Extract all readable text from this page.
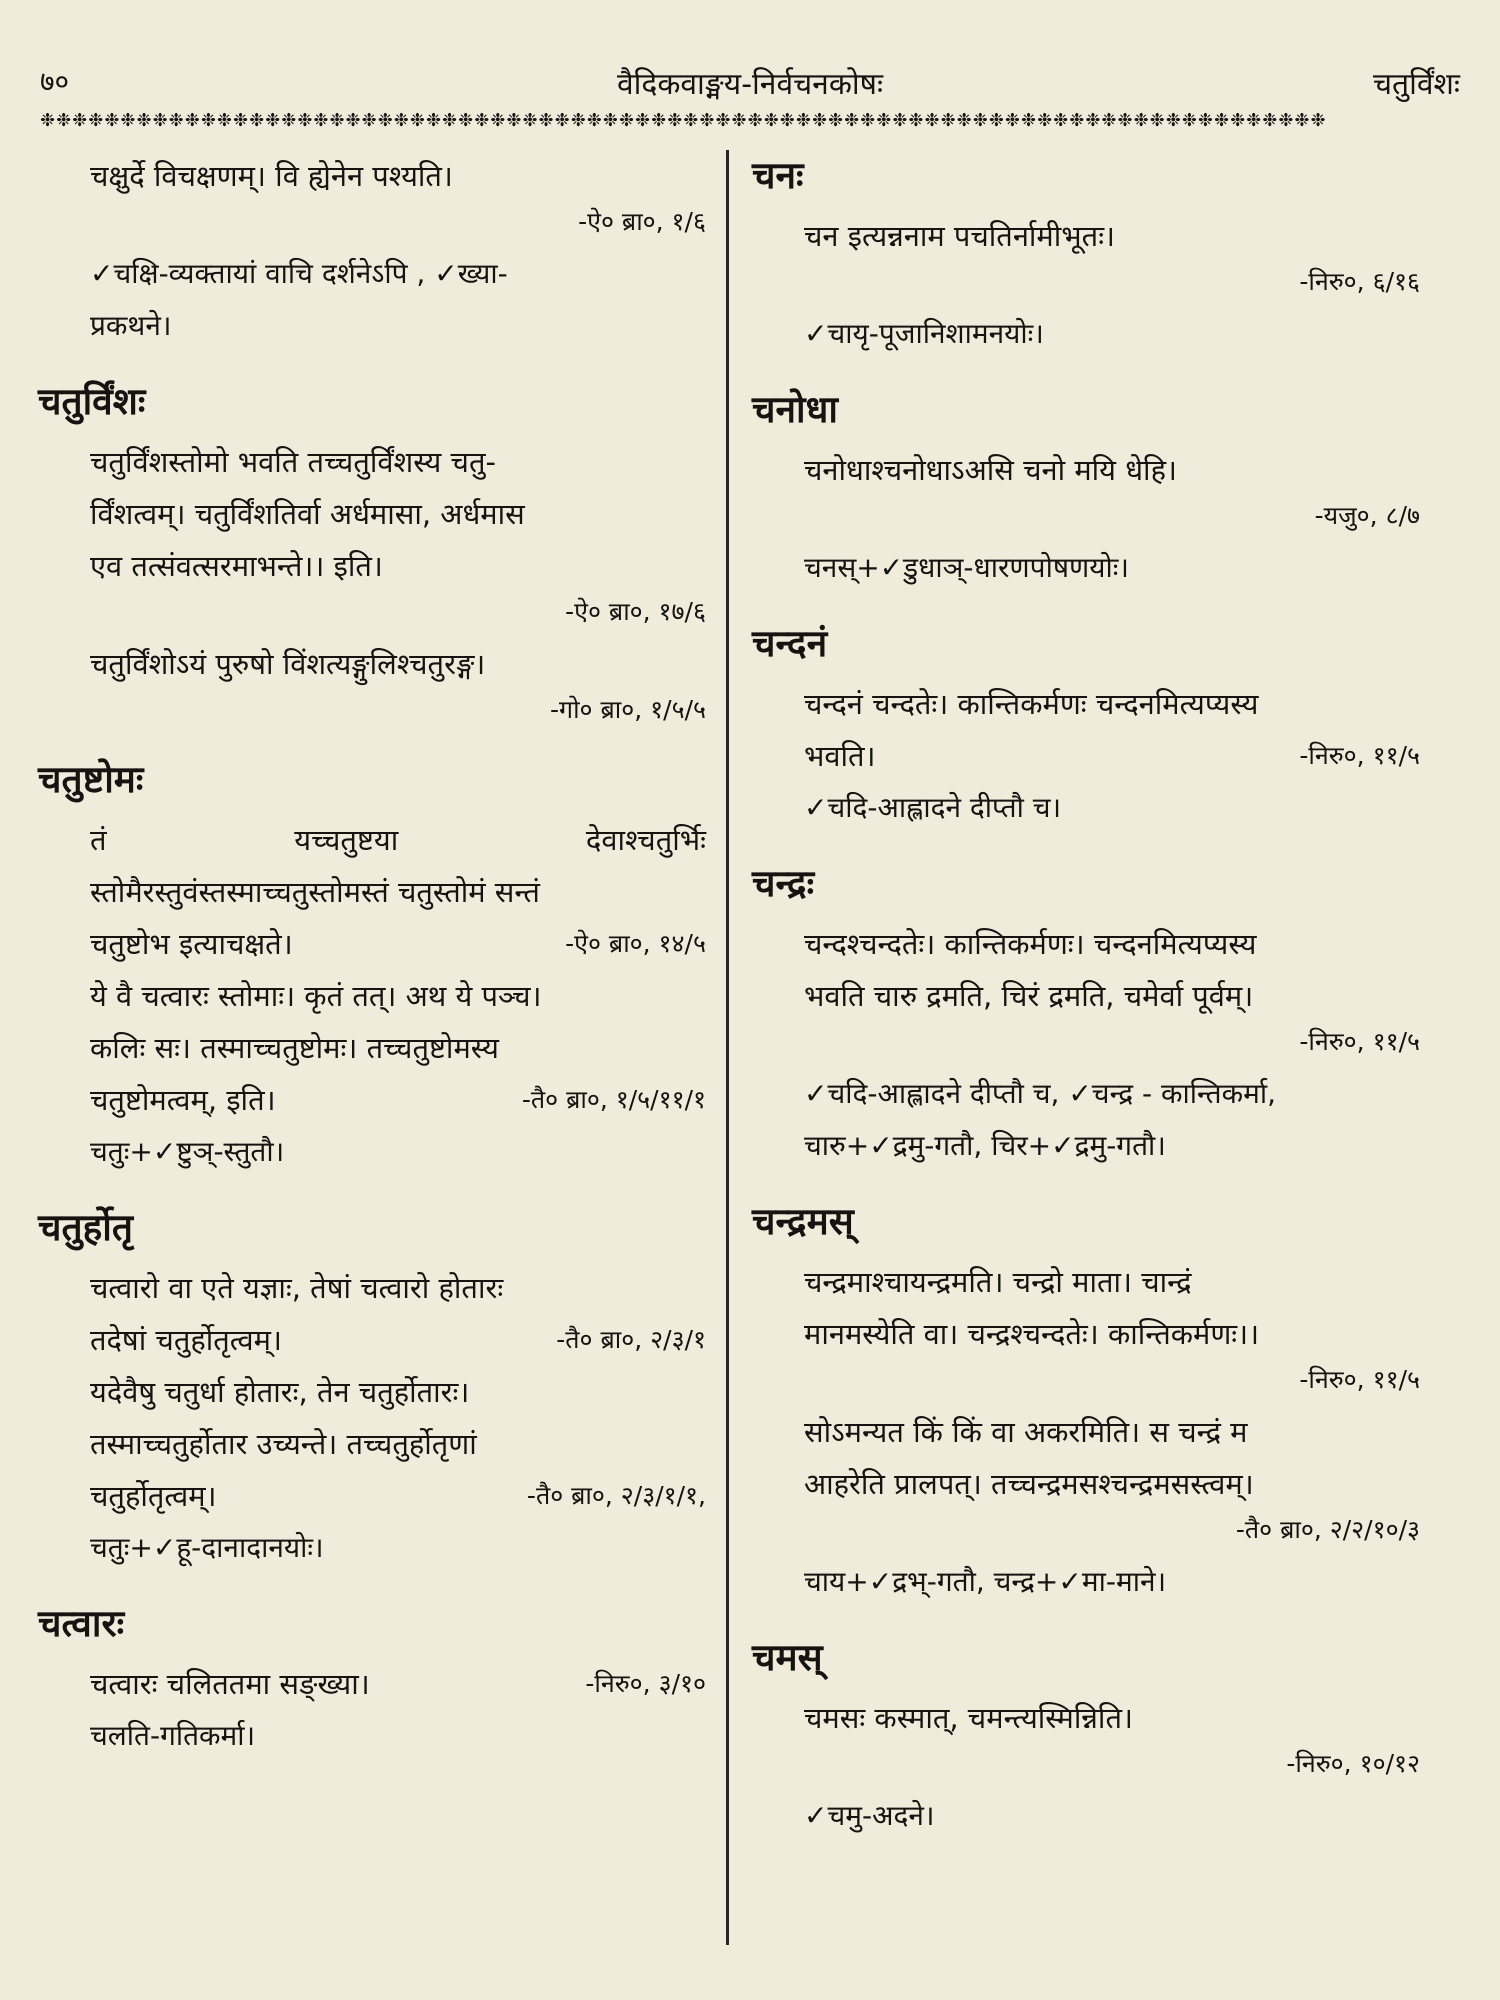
७०	वैदिकवाङ्मय-निर्वचनकोषः	चतुर्विंशः
❉❉❉❉❉❉❉❉❉❉❉❉❉❉❉❉❉❉❉❉❉❉❉❉❉❉❉❉❉❉❉❉❉❉❉❉❉❉❉❉❉❉❉❉❉❉❉❉❉❉❉❉❉❉❉❉❉❉❉❉❉❉❉❉❉❉❉❉❉❉❉❉❉❉❉❉❉❉❉❉
चक्षुर्दे विचक्षणम्। वि ह्येनेन पश्यति।
-ऐ० ब्रा०, १/६
✓चक्षि-व्यक्तायां वाचि दर्शनेऽपि , ✓ख्या-
प्रकथने।
चतुर्विंशः
चतुर्विंशस्तोमो भवति तच्चतुर्विंशस्य चतु-
र्विंशत्वम्। चतुर्विंशतिर्वा अर्धमासा, अर्धमास
एव तत्संवत्सरमाभन्ते।। इति।
-ऐ० ब्रा०, १७/६
चतुर्विंशोऽयं पुरुषो विंशत्यङ्गुलिश्चतुरङ्ग।
-गो० ब्रा०, १/५/५
चतुष्टोमः
तं यच्चतुष्टया देवाश्चतुर्भिः
स्तोमैरस्तुवंस्तस्माच्चतुस्तोमस्तं चतुस्तोमं सन्तं
चतुष्टोभ इत्याचक्षते।	-ऐ० ब्रा०, १४/५
ये वै चत्वारः स्तोमाः। कृतं तत्। अथ ये पञ्च।
कलिः सः। तस्माच्चतुष्टोमः। तच्चतुष्टोमस्य
चतुष्टोमत्वम्, इति।	-तै० ब्रा०, १/५/११/१
चतुः+✓ष्टुञ्-स्तुतौ।
चतुर्होतृ
चत्वारो वा एते यज्ञाः, तेषां चत्वारो होतारः
तदेषां चतुर्होतृत्वम्।	-तै० ब्रा०, २/३/१
यदेवैषु चतुर्धा होतारः, तेन चतुर्होतारः।
तस्माच्चतुर्होतार उच्यन्ते। तच्चतुर्होतृणां
चतुर्होतृत्वम्।	-तै० ब्रा०, २/३/१/१,
चतुः+✓हू-दानादानयोः।
चत्वारः
चत्वारः चलिततमा सङ्ख्या।	-निरु०, ३/१०
चलति-गतिकर्मा।
चनः
चन इत्यन्ननाम पचतिर्नामीभूतः।
-निरु०, ६/१६
✓चायृ-पूजानिशामनयोः।
चनोधा
चनोधाश्चनोधाऽअसि चनो मयि धेहि।
-यजु०, ८/७
चनस्+✓डुधाञ्-धारणपोषणयोः।
चन्दनं
चन्दनं चन्दतेः। कान्तिकर्मणः चन्दनमित्यप्यस्य
भवति।	-निरु०, ११/५
✓चदि-आह्लादने दीप्तौ च।
चन्द्रः
चन्दश्चन्दतेः। कान्तिकर्मणः। चन्दनमित्यप्यस्य
भवति चारु द्रमति, चिरं द्रमति, चमेर्वा पूर्वम्।
-निरु०, ११/५
✓चदि-आह्लादने दीप्तौ च, ✓चन्द्र - कान्तिकर्मा,
चारु+✓द्रमु-गतौ, चिर+✓द्रमु-गतौ।
चन्द्रमस्
चन्द्रमाश्चायन्द्रमति। चन्द्रो माता। चान्द्रं
मानमस्येति वा। चन्द्रश्चन्दतेः। कान्तिकर्मणः।।
-निरु०, ११/५
सोऽमन्यत किं किं वा अकरमिति। स चन्द्रं म
आहरेति प्रालपत्। तच्चन्द्रमसश्चन्द्रमसस्त्वम्।
-तै० ब्रा०, २/२/१०/३
चाय+✓द्रभ्-गतौ, चन्द्र+✓मा-माने।
चमस्
चमसः कस्मात्, चमन्त्यस्मिन्निति।
-निरु०, १०/१२
✓चमु-अदने।
